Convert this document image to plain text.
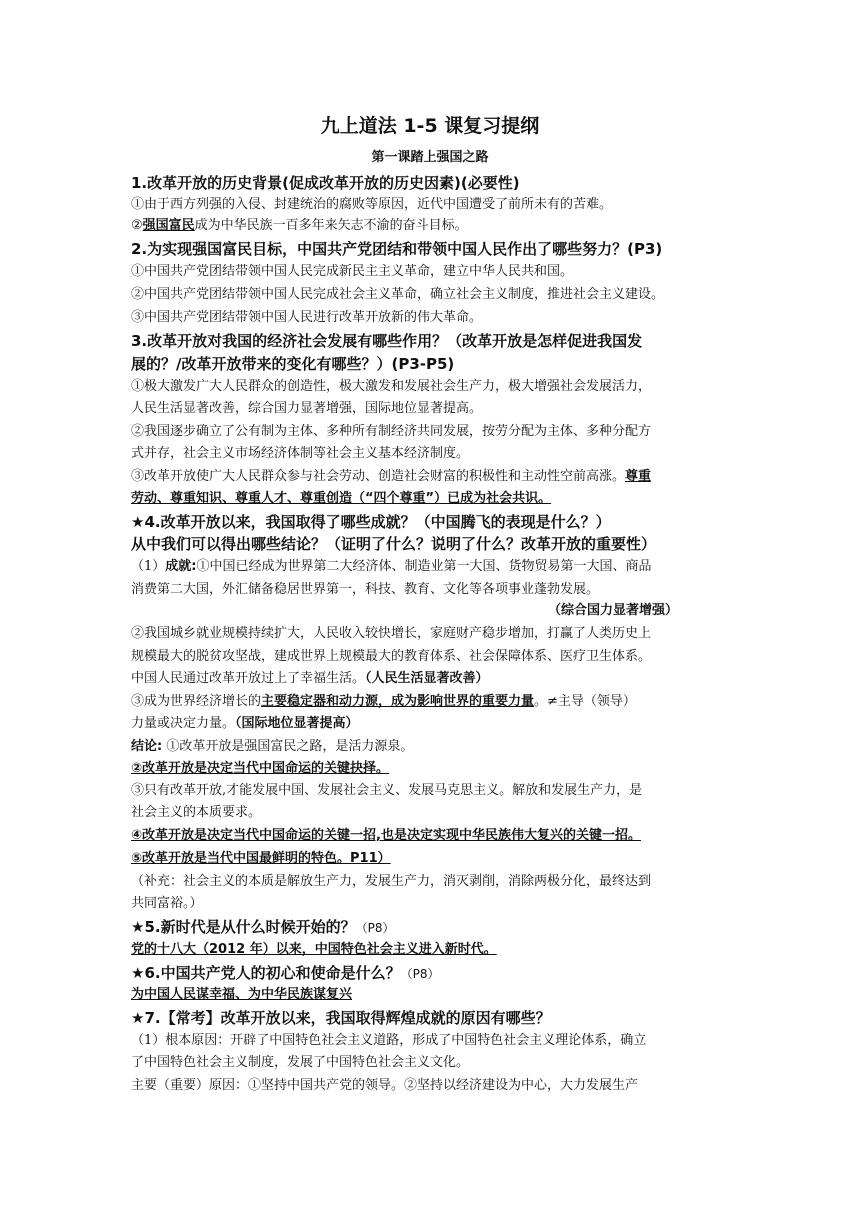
九上道法 1-5 课复习提纲
第一课踏上强国之路
1.改革开放的历史背景(促成改革开放的历史因素)(必要性)
①由于西方列强的入侵、封建统治的腐败等原因，近代中国遭受了前所未有的苦难。
②强国富民成为中华民族一百多年来矢志不渝的奋斗目标。
2.为实现强国富民目标，中国共产党团结和带领中国人民作出了哪些努力？(P3)
①中国共产党团结带领中国人民完成新民主主义革命，建立中华人民共和国。
②中国共产党团结带领中国人民完成社会主义革命，确立社会主义制度，推进社会主义建设。
③中国共产党团结带领中国人民进行改革开放新的伟大革命。
3.改革开放对我国的经济社会发展有哪些作用？（改革开放是怎样促进我国发
展的？/改革开放带来的变化有哪些？）(P3-P5)
①极大激发广大人民群众的创造性，极大激发和发展社会生产力，极大增强社会发展活力，
人民生活显著改善，综合国力显著增强，国际地位显著提高。
②我国逐步确立了公有制为主体、多种所有制经济共同发展，按劳分配为主体、多种分配方
式并存，社会主义市场经济体制等社会主义基本经济制度。
③改革开放使广大人民群众参与社会劳动、创造社会财富的积极性和主动性空前高涨。尊重
劳动、尊重知识、尊重人才、尊重创造（“四个尊重”）已成为社会共识。
★4.改革开放以来，我国取得了哪些成就？（中国腾飞的表现是什么？）
从中我们可以得出哪些结论？（证明了什么？说明了什么？改革开放的重要性）
（1）成就:①中国已经成为世界第二大经济体、制造业第一大国、货物贸易第一大国、商品
消费第二大国，外汇储备稳居世界第一，科技、教育、文化等各项事业蓬勃发展。
（综合国力显著增强）
②我国城乡就业规模持续扩大，人民收入较快增长，家庭财产稳步增加，打赢了人类历史上
规模最大的脱贫攻坚战，建成世界上规模最大的教育体系、社会保障体系、医疗卫生体系。
中国人民通过改革开放过上了幸福生活。（人民生活显著改善）
③成为世界经济增长的主要稳定器和动力源，成为影响世界的重要力量。≠主导（领导）
力量或决定力量。（国际地位显著提高）
结论: ①改革开放是强国富民之路，是活力源泉。
②改革开放是决定当代中国命运的关键抉择。
③只有改革开放,才能发展中国、发展社会主义、发展马克思主义。解放和发展生产力，是
社会主义的本质要求。
④改革开放是决定当代中国命运的关键一招,也是决定实现中华民族伟大复兴的关键一招。
⑤改革开放是当代中国最鲜明的特色。P11）
（补充：社会主义的本质是解放生产力，发展生产力，消灭剥削，消除两极分化，最终达到
共同富裕。）
★5.新时代是从什么时候开始的？（P8）
党的十八大（2012 年）以来，中国特色社会主义进入新时代。
★6.中国共产党人的初心和使命是什么？（P8）
为中国人民谋幸福、为中华民族谋复兴
★7.【常考】改革开放以来，我国取得辉煌成就的原因有哪些？
（1）根本原因：开辟了中国特色社会主义道路，形成了中国特色社会主义理论体系，确立
了中国特色社会主义制度，发展了中国特色社会主义文化。
主要（重要）原因：①坚持中国共产党的领导。②坚持以经济建设为中心，大力发展生产
